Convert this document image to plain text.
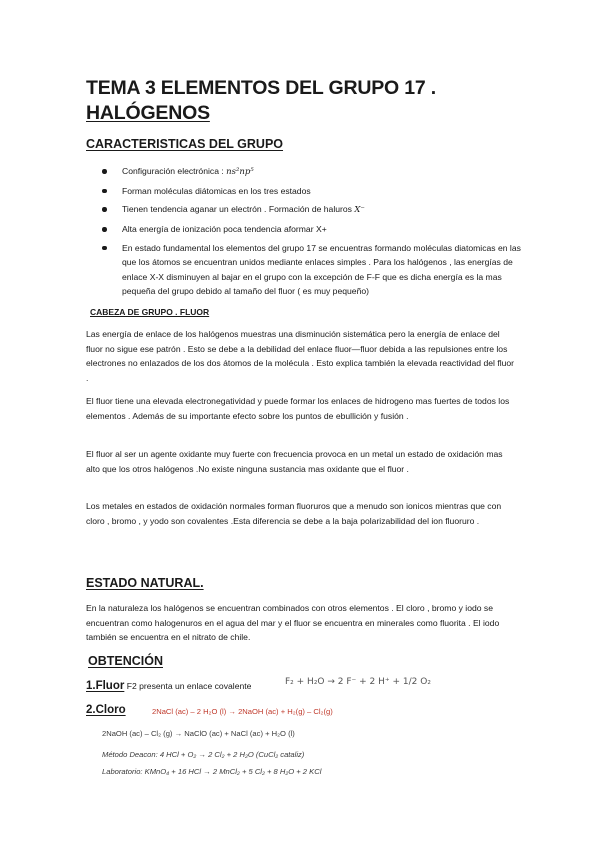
TEMA 3 ELEMENTOS DEL GRUPO 17 .
HALÓGENOS
CARACTERISTICAS DEL GRUPO
Configuración electrónica : ns²np⁵
Forman moléculas diátomicas en los tres estados
Tienen tendencia aganar un electrón . Formación de haluros X⁻
Alta energía de ionización poca tendencia aformar X+
En estado fundamental los elementos del grupo 17 se encuentras formando moléculas diatomicas en las que los átomos se encuentran unidos mediante enlaces simples . Para los halógenos , las energías de enlace X-X disminuyen al bajar en el grupo con la excepción de F-F que es dicha energía es la mas pequeña del grupo debido al tamaño del fluor ( es muy pequeño)
CABEZA DE GRUPO . FLUOR
Las energía de enlace de los halógenos muestras una disminución sistemática pero la energía de enlace del fluor no sigue ese patrón . Esto se debe a la debilidad del enlace fluor—fluor debida a las repulsiones entre los electrones no enlazados de los dos átomos de la molécula . Esto explica también la elevada reactividad del fluor .
El fluor tiene una elevada electronegatividad y puede formar los enlaces de hidrogeno mas fuertes de todos los elementos . Además de su importante efecto sobre los puntos de ebullición y fusión .
El fluor al ser un agente oxidante muy fuerte con frecuencia provoca en un metal un estado de oxidación mas alto que los otros halógenos .No existe ninguna sustancia mas oxidante que el fluor .
Los metales en estados de oxidación normales forman fluoruros que a menudo son ionicos mientras que con cloro , bromo , y yodo son covalentes .Esta diferencia se debe a la baja polarizabilidad del ion fluoruro .
ESTADO NATURAL.
En la naturaleza los halógenos se encuentran combinados con otros elementos . El cloro , bromo y iodo se encuentran como halogenuros en el agua del mar y el fluor se encuentra en minerales como fluorita . El iodo también se encuentra en el nitrato de chile.
OBTENCIÓN
1.Fluor F2 presenta un enlace covalente	F₂ + H₂O → 2 F⁻ + 2 H⁺ + 1/2 O₂
2.Cloro	2NaCl (ac) – 2 H₂O (l) → 2NaOH (ac) + H₂(g) – Cl₂(g)
2NaOH (ac) – Cl₂ (g) → NaClO (ac) + NaCl (ac) + H₂O (l)
Método Deacon: 4 HCl + O₂ → 2 Cl₂ + 2 H₂O (CuCl₂ cataliz)
Laboratorio: KMnO₄ + 16 HCl → 2 MnCl₂ + 5 Cl₂ + 8 H₂O + 2 KCl
